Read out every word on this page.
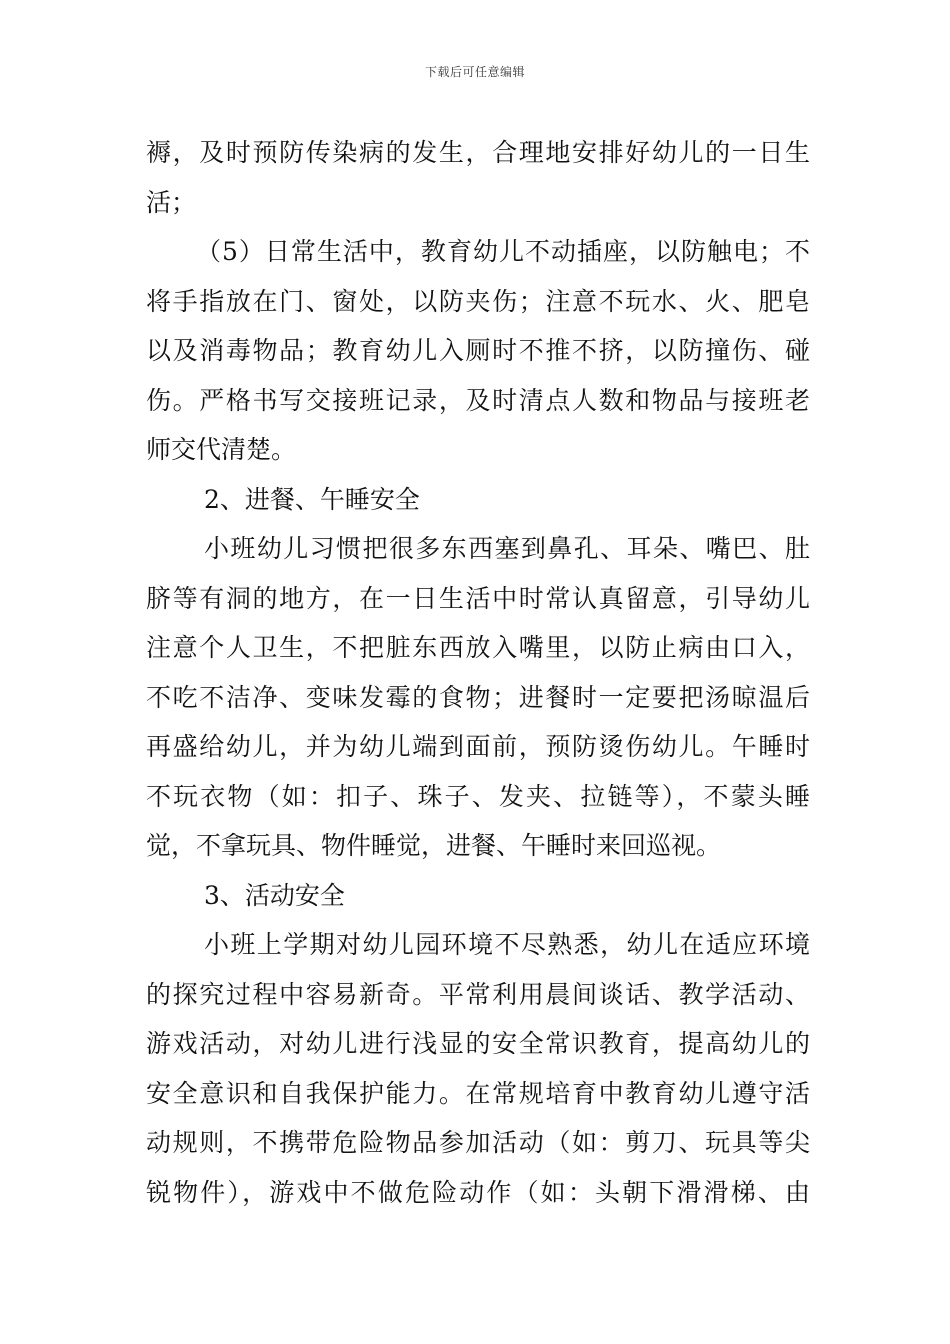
下载后可任意编辑
褥，及时预防传染病的发生，合理地安排好幼儿的一日生
活；
（5）日常生活中，教育幼儿不动插座，以防触电；不
将手指放在门、窗处，以防夹伤；注意不玩水、火、肥皂
以及消毒物品；教育幼儿入厕时不推不挤，以防撞伤、碰
伤。严格书写交接班记录，及时清点人数和物品与接班老
师交代清楚。
2、进餐、午睡安全
小班幼儿习惯把很多东西塞到鼻孔、耳朵、嘴巴、肚
脐等有洞的地方，在一日生活中时常认真留意，引导幼儿
注意个人卫生，不把脏东西放入嘴里，以防止病由口入，
不吃不洁净、变味发霉的食物；进餐时一定要把汤晾温后
再盛给幼儿，并为幼儿端到面前，预防烫伤幼儿。午睡时
不玩衣物（如：扣子、珠子、发夹、拉链等），不蒙头睡
觉，不拿玩具、物件睡觉，进餐、午睡时来回巡视。
3、活动安全
小班上学期对幼儿园环境不尽熟悉，幼儿在适应环境
的探究过程中容易新奇。平常利用晨间谈话、教学活动、
游戏活动，对幼儿进行浅显的安全常识教育，提高幼儿的
安全意识和自我保护能力。在常规培育中教育幼儿遵守活
动规则，不携带危险物品参加活动（如：剪刀、玩具等尖
锐物件），游戏中不做危险动作（如：头朝下滑滑梯、由
